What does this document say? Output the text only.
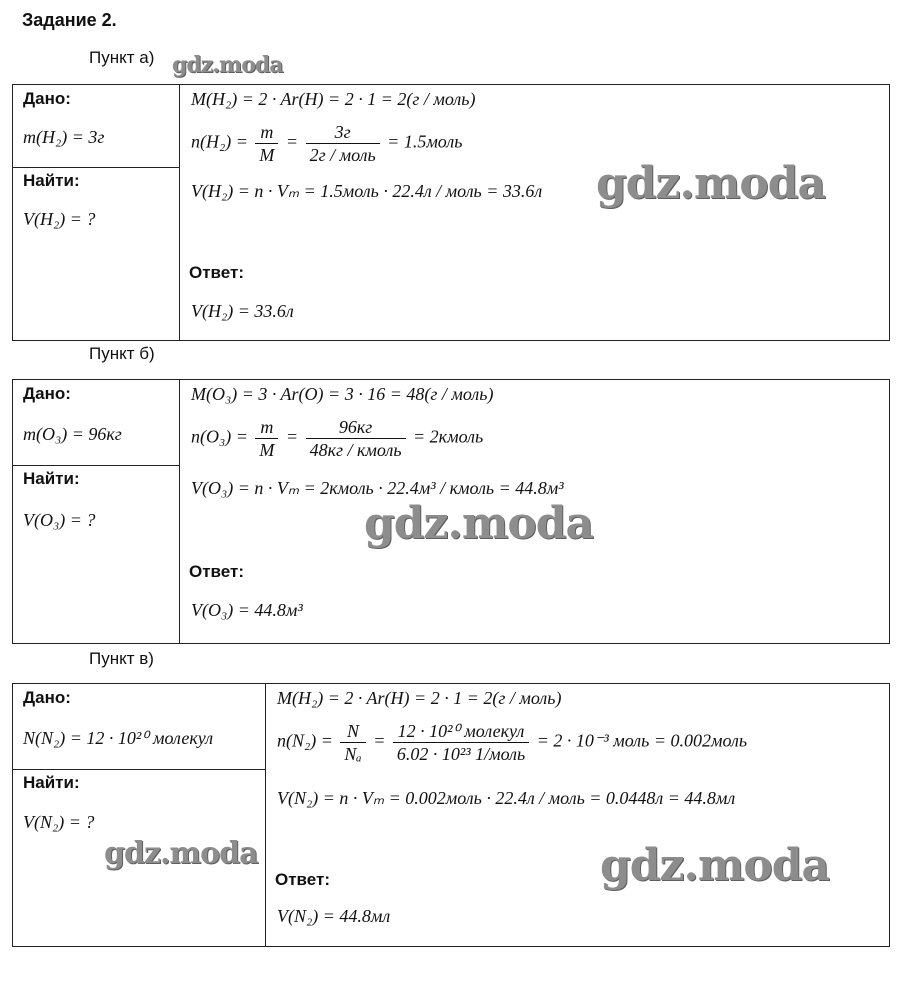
Задание 2.
Пункт а) gdz.moda
Дано:
m(H₂) = 3г
Найти:
V(H₂) = ?
M(H₂) = 2 · Ar(H) = 2 · 1 = 2(г / моль)
$n(H_2) = \frac{m}{M} = \frac{3г}{\text{2г / моль}}$ = 1.5моль
V(H₂) = n · Vₘ = 1.5моль · 22.4л / моль = 33.6л
Ответ:
V(H₂) = 33.6л
gdz.moda
Пункт б)
Дано:
m(O₃) = 96кг
Найти:
V(O₃) = ?
M(O₃) = 3 · Ar(O) = 3 · 16 = 48(г / моль)
$n(O_3) = \frac{m}{M} = \frac{96кг}{\text{48кг / кмоль}}$ = 2кмоль
V(O₃) = n · Vₘ = 2кмоль · 22.4м³ / кмоль = 44.8м³
Ответ:
V(O₃) = 44.8м³
gdz.moda
Пункт в)
Дано:
N(N₂) = 12 · 10²⁰ молекул
Найти:
V(N₂) = ?
M(H₂) = 2 · Ar(H) = 2 · 1 = 2(г / моль)
$n(N_2) = \frac{N}{\text{Nₐ}} = \frac{\text{12 · 10²⁰ молекул}}{\text{6.02 · 10²³ 1/моль}} = 2 \cdot 10^{-3}$ моль = 0.002моль
V(N₂) = n · Vₘ = 0.002моль · 22.4л / моль = 0.0448л = 44.8мл
Ответ:
V(N₂) = 44.8мл
gdz.moda	gdz.moda
